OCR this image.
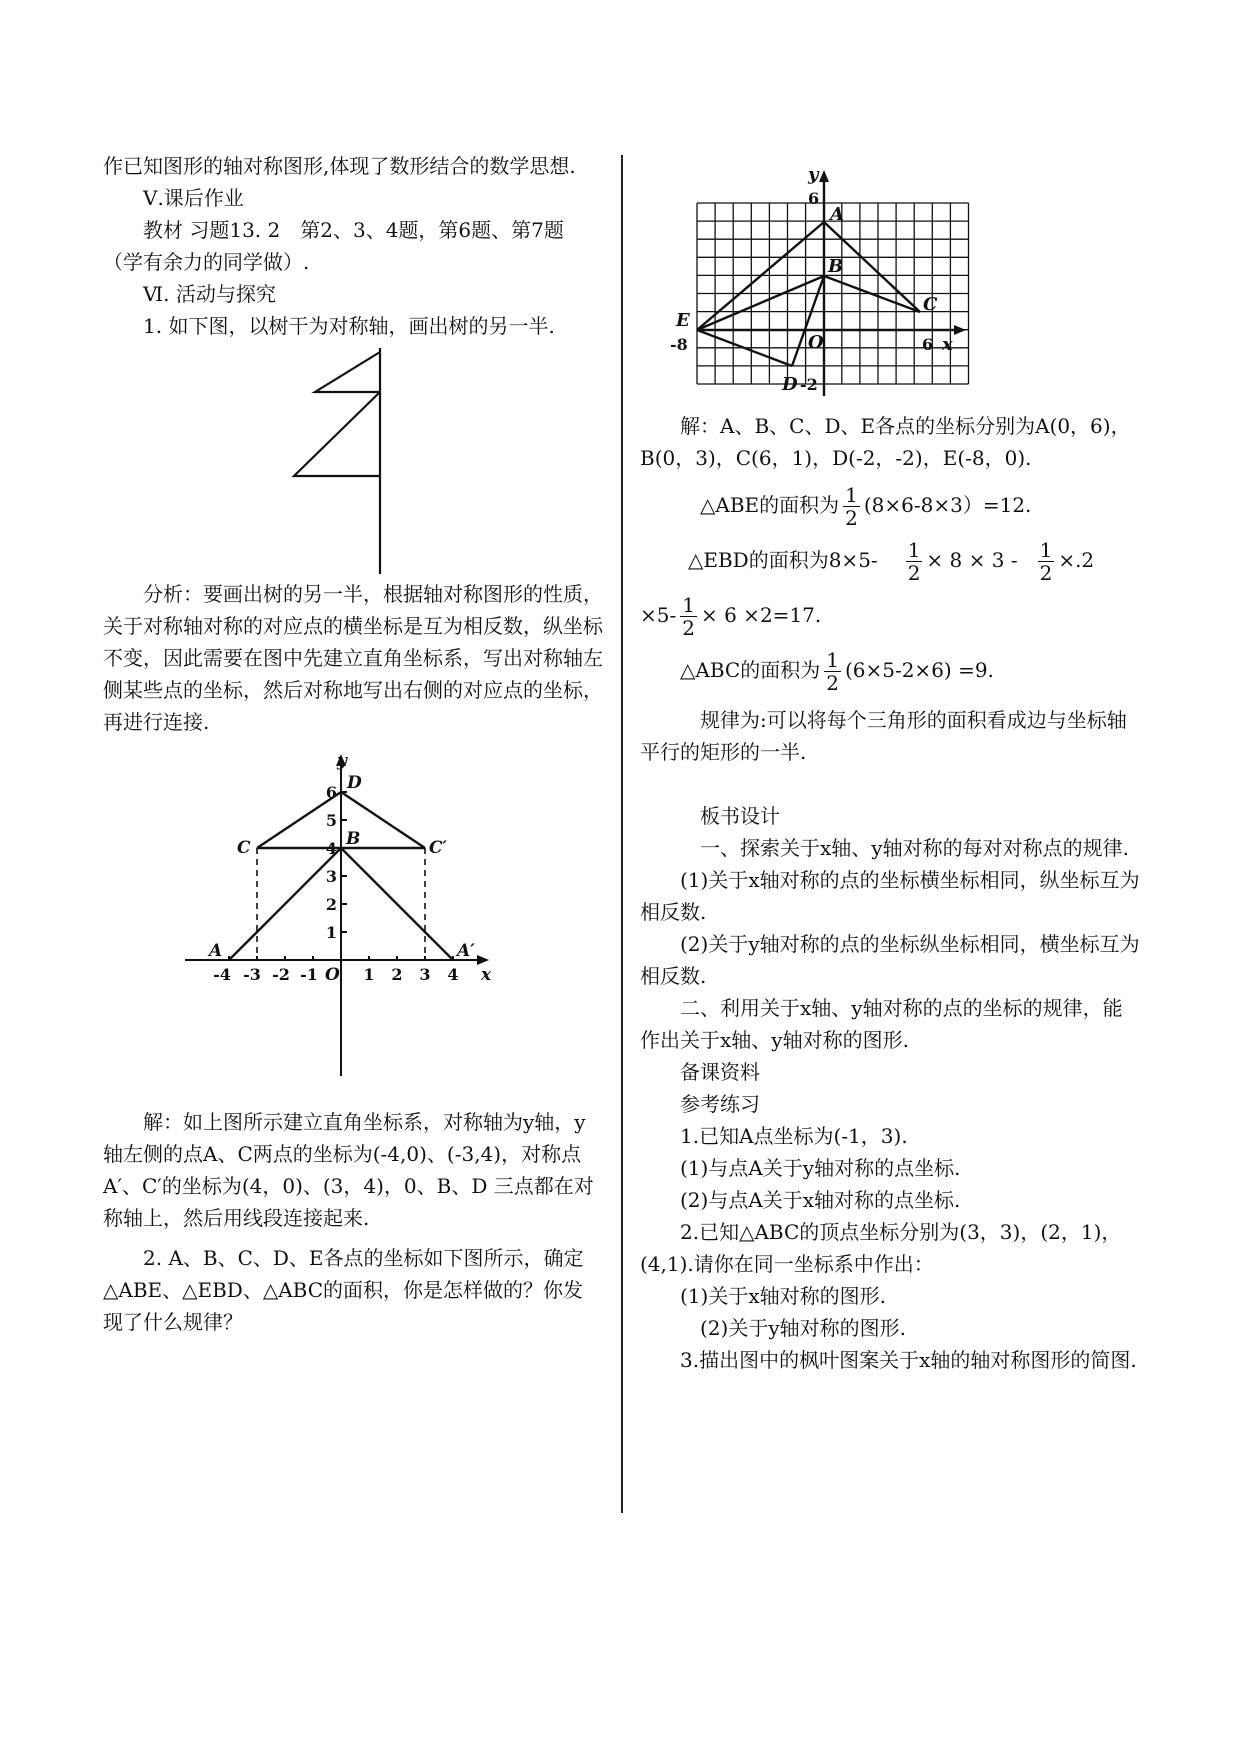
作已知图形的轴对称图形,体现了数形结合的数学思想.

Ⅴ.课后作业

教材 习题13. 2　第2、3、4题，第6题、第7题（学有余力的同学做）.

Ⅵ. 活动与探究

1. 如下图，以树干为对称轴，画出树的另一半.

分析：要画出树的另一半，根据轴对称图形的性质，关于对称轴对称的对应点的横坐标是互为相反数，纵坐标不变，因此需要在图中先建立直角坐标系，写出对称轴左侧某些点的坐标，然后对称地写出右侧的对应点的坐标，再进行连接.

y
x
A	A′
C	C′
B
D
O
-4 -3 -2 -1	1 2 3 4
1
2
3
4
5
6

解：如上图所示建立直角坐标系，对称轴为y轴，y轴左侧的点A、C两点的坐标为(-4,0)、(-3,4)，对称点A′、C′的坐标为(4，0)、(3，4)，0、B、D 三点都在对称轴上，然后用线段连接起来.

2. A、B、C、D、E各点的坐标如下图所示，确定△ABE、△EBD、△ABC的面积，你是怎样做的？你发现了什么规律？

y
A
B
C
E
O	x
D
6
-8	6
-2

解：A、B、C、D、E各点的坐标分别为A(0，6)，B(0，3)，C(6，1)，D(-2，-2)，E(-8，0).

△ABE的面积为 $\frac{1}{2} (8\times 6-8\times 3)=12$.
△EBD的面积为$8\times 5- \frac{1}{2} \times 8 \times 3 - \frac{1}{2} \times.2$
$\times 5- \frac{1}{2} \times 6 \times 2=17$.
△ABC的面积为 $\frac{1}{2} (6\times 5-2\times 6) =9$.

规律为:可以将每个三角形的面积看成边与坐标轴平行的矩形的一半.

板书设计

一、探索关于x轴、y轴对称的每对对称点的规律.

(1)关于x轴对称的点的坐标横坐标相同，纵坐标互为相反数.

(2)关于y轴对称的点的坐标纵坐标相同，横坐标互为相反数.

二、利用关于x轴、y轴对称的点的坐标的规律，能作出关于x轴、y轴对称的图形.

备课资料

参考练习

1.已知A点坐标为(-1，3).

(1)与点A关于y轴对称的点坐标.

(2)与点A关于x轴对称的点坐标.

2.已知△ABC的顶点坐标分别为(3，3)，(2，1)，(4,1).请你在同一坐标系中作出：

(1)关于x轴对称的图形.

(2)关于y轴对称的图形.

3.描出图中的枫叶图案关于x轴的轴对称图形的简图.
